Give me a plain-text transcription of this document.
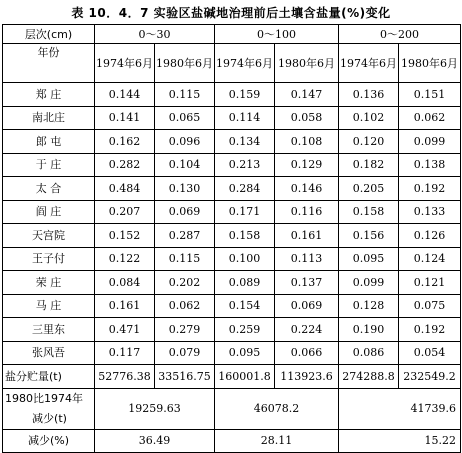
表 10．4．7 实验区盐碱地治理前后土壤含盐量(%)变化
层次(cm)	0～30		0～100		0～200	
年份	1974年6月	1980年6月	1974年6月	1980年6月	1974年6月	1980年6月
郑 庄	0.144	0.115	0.159	0.147	0.136	0.151
南北庄	0.141	0.065	0.114	0.058	0.102	0.062
郎 屯	0.162	0.096	0.134	0.108	0.120	0.099
于 庄	0.282	0.104	0.213	0.129	0.182	0.138
太 合	0.484	0.130	0.284	0.146	0.205	0.192
阎 庄	0.207	0.069	0.171	0.116	0.158	0.133
天宫院	0.152	0.287	0.158	0.161	0.156	0.126
王子付	0.122	0.115	0.100	0.113	0.095	0.124
荣 庄	0.084	0.202	0.089	0.137	0.099	0.121
马 庄	0.161	0.062	0.154	0.069	0.128	0.075
三里东	0.471	0.279	0.259	0.224	0.190	0.192
张风吾	0.117	0.079	0.095	0.066	0.086	0.054
盐分贮量(t)	52776.38	33516.75	160001.8	113923.6	274288.8	232549.2

1980比1974年
减少(t)	19259.63		46078.2		41739.6	
减少(%)	36.49		28.11		15.22	
